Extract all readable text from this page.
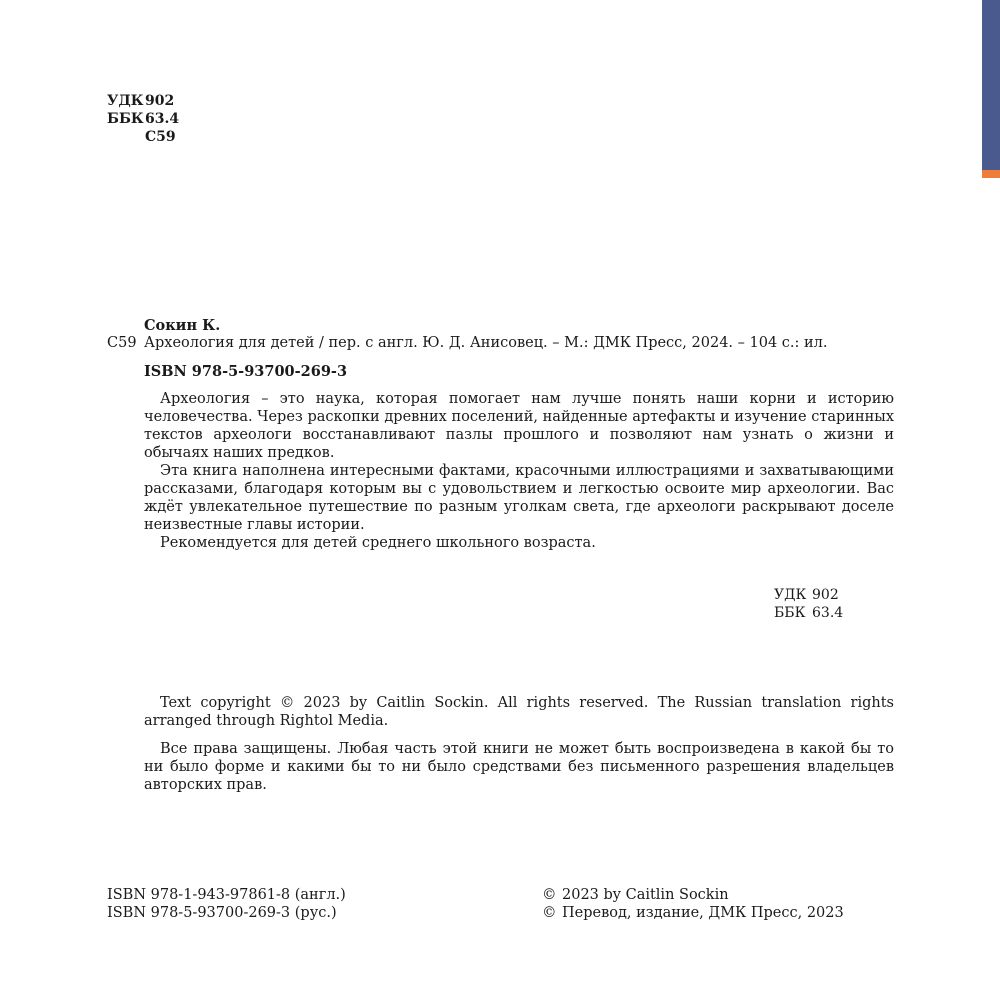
УДК 902
ББК 63.4
С59
Сокин К.
С59 Археология для детей / пер. с англ. Ю. Д. Анисовец. – М.: ДМК Пресс, 2024. – 104 с.: ил.
ISBN 978-5-93700-269-3

Археология – это наука, которая помогает нам лучше понять наши корни и историю человечества. Через раскопки древних поселений, найденные артефакты и изучение старинных текстов археологи восстанавливают пазлы прошлого и позволяют нам узнать о жизни и обычаях наших предков.

Эта книга наполнена интересными фактами, красочными иллюстрациями и захватывающими рассказами, благодаря которым вы с удовольствием и легкостью освоите мир археологии. Вас ждёт увлекательное путешествие по разным уголкам света, где археологи раскрывают доселе неизвестные главы истории.

Рекомендуется для детей среднего школьного возраста.

УДК 902
ББК 63.4

Text copyright © 2023 by Caitlin Sockin. All rights reserved. The Russian translation rights arranged through Rightol Media.

Все права защищены. Любая часть этой книги не может быть воспроизведена в какой бы то ни было форме и какими бы то ни было средствами без письменного разрешения владельцев авторских прав.

ISBN 978-1-943-97861-8 (англ.)
ISBN 978-5-93700-269-3 (рус.)
© 2023 by Caitlin Sockin
© Перевод, издание, ДМК Пресс, 2023
